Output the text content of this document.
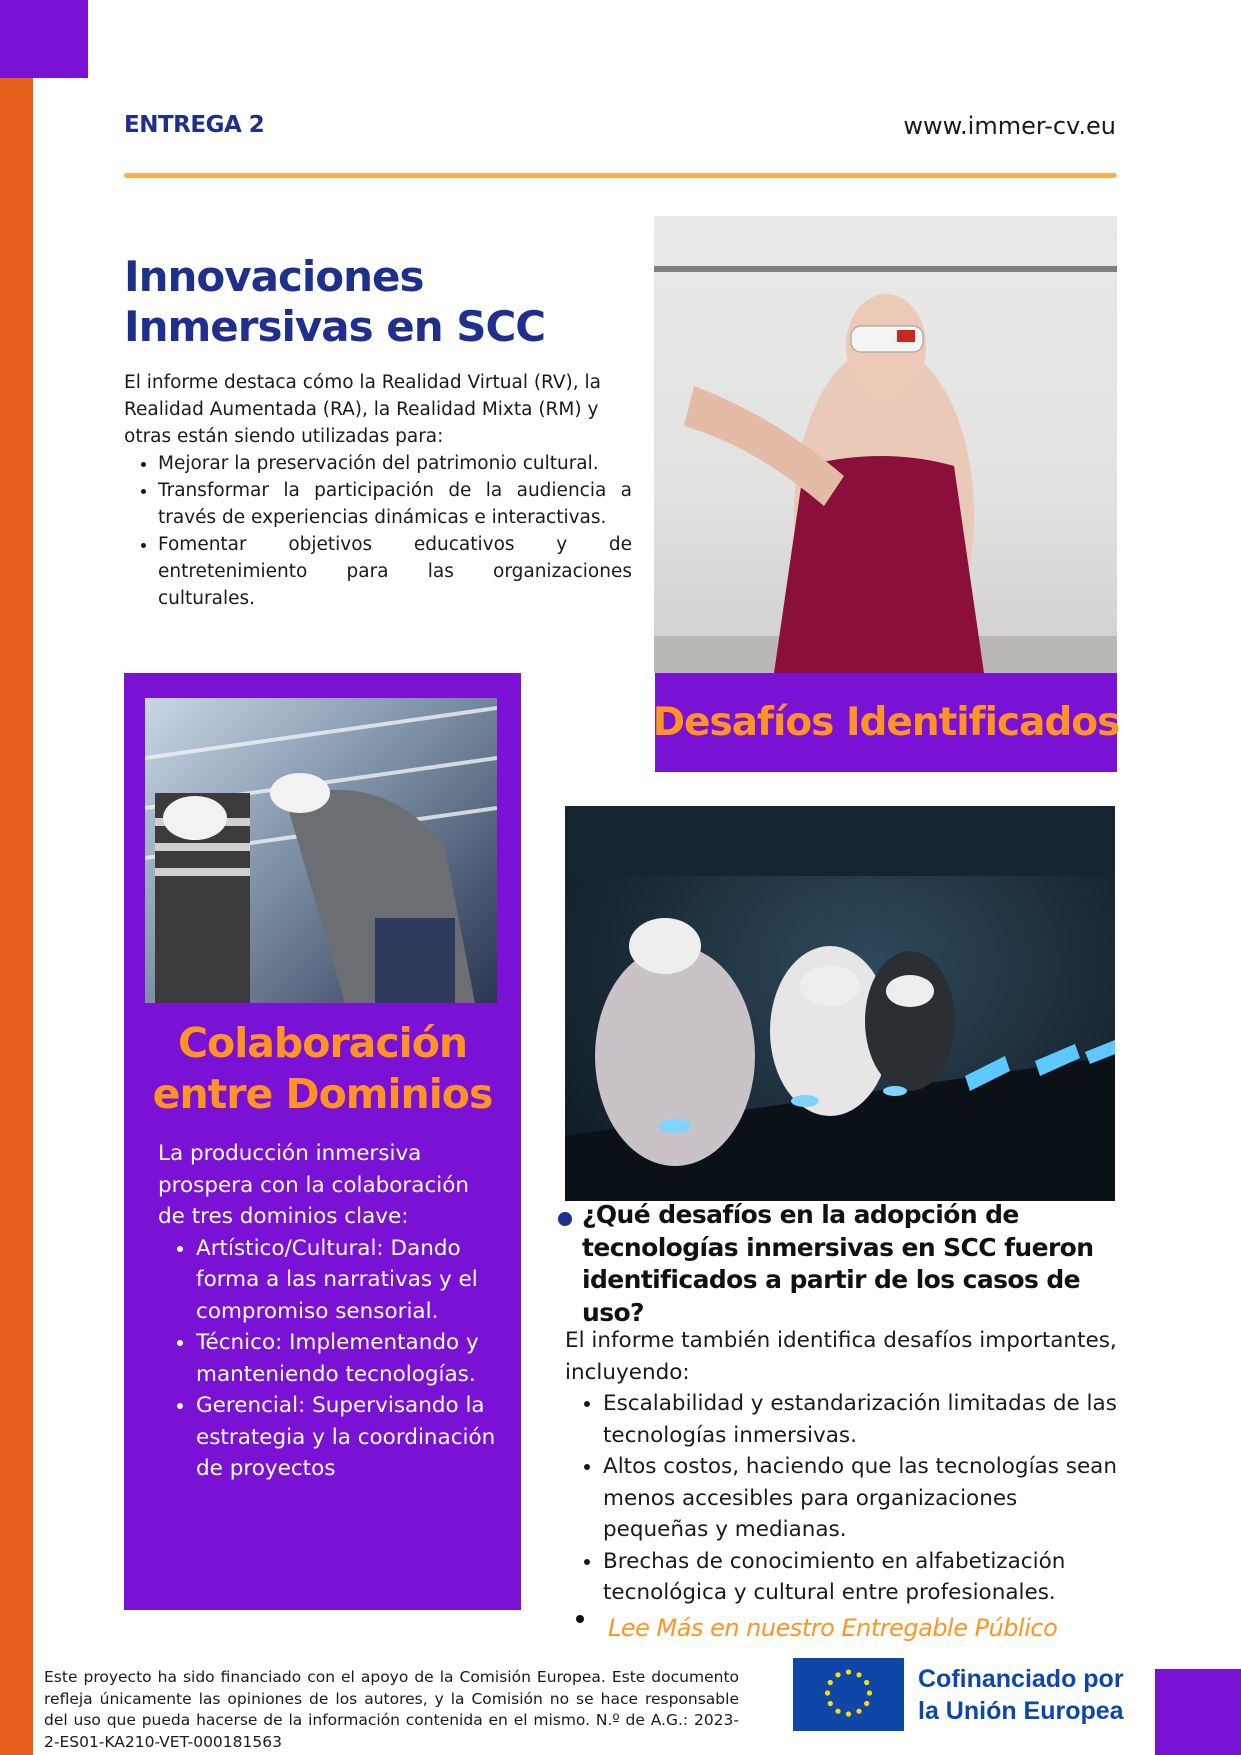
ENTREGA 2	www.immer-cv.eu
Innovaciones Inmersivas en SCC

El informe destaca cómo la Realidad Virtual (RV), la Realidad Aumentada (RA), la Realidad Mixta (RM) y otras están siendo utilizadas para:

• Mejorar la preservación del patrimonio cultural.
• Transformar la participación de la audiencia a través de experiencias dinámicas e interactivas.
• Fomentar objetivos educativos y de entretenimiento para las organizaciones culturales.
Desafíos Identificados
Colaboración entre Dominios

La producción inmersiva prospera con la colaboración de tres dominios clave:

• Artístico/Cultural: Dando forma a las narrativas y el compromiso sensorial.
• Técnico: Implementando y manteniendo tecnologías.
• Gerencial: Supervisando la estrategia y la coordinación de proyectos
¿Qué desafíos en la adopción de tecnologías inmersivas en SCC fueron identificados a partir de los casos de uso?

El informe también identifica desafíos importantes, incluyendo:

• Escalabilidad y estandarización limitadas de las tecnologías inmersivas.
• Altos costos, haciendo que las tecnologías sean menos accesibles para organizaciones pequeñas y medianas.
• Brechas de conocimiento en alfabetización tecnológica y cultural entre profesionales.
Lee Más en nuestro Entregable Público
Este proyecto ha sido financiado con el apoyo de la Comisión Europea. Este documento refleja únicamente las opiniones de los autores, y la Comisión no se hace responsable del uso que pueda hacerse de la información contenida en el mismo. N.º de A.G.: 2023-2-ES01-KA210-VET-000181563
Cofinanciado por
la Unión Europea
